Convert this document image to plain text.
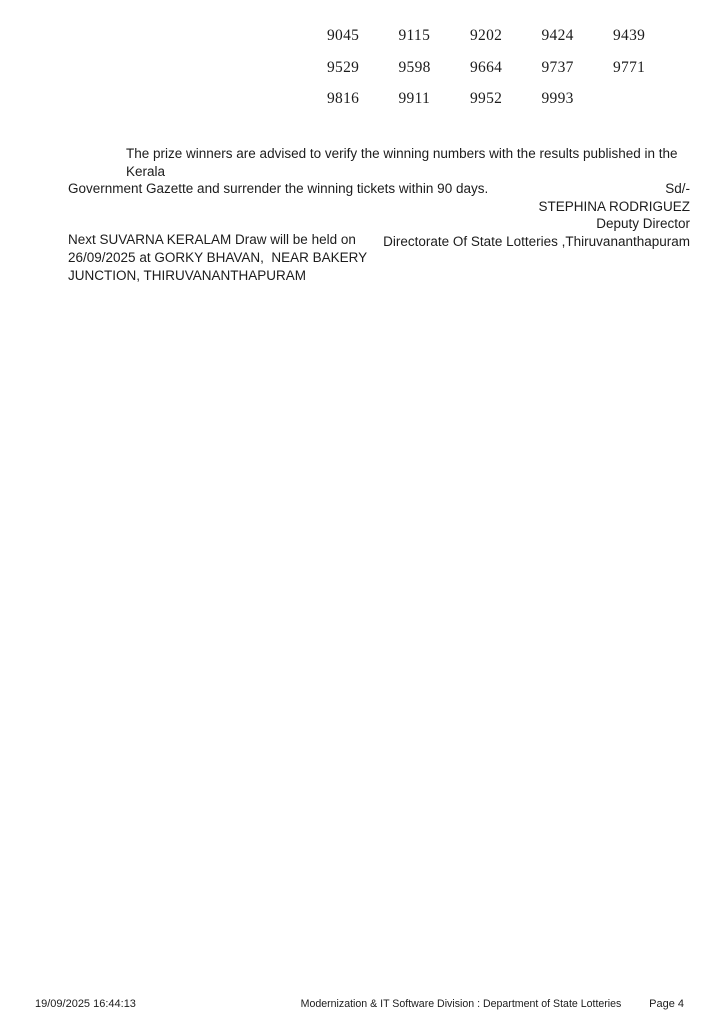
9045	9115	9202	9424	9439
9529	9598	9664	9737	9771
9816	9911	9952	9993
The prize winners are advised to verify the winning numbers with the results published in the Kerala
Government Gazette and surrender the winning tickets within 90 days.	Sd/-
STEPHINA RODRIGUEZ
Deputy Director
Directorate Of State Lotteries ,Thiruvananthapuram
Next SUVARNA KERALAM Draw will be held on
26/09/2025 at GORKY BHAVAN,  NEAR BAKERY
JUNCTION, THIRUVANANTHAPURAM
19/09/2025 16:44:13	Modernization & IT Software Division : Department of State Lotteries	Page 4
